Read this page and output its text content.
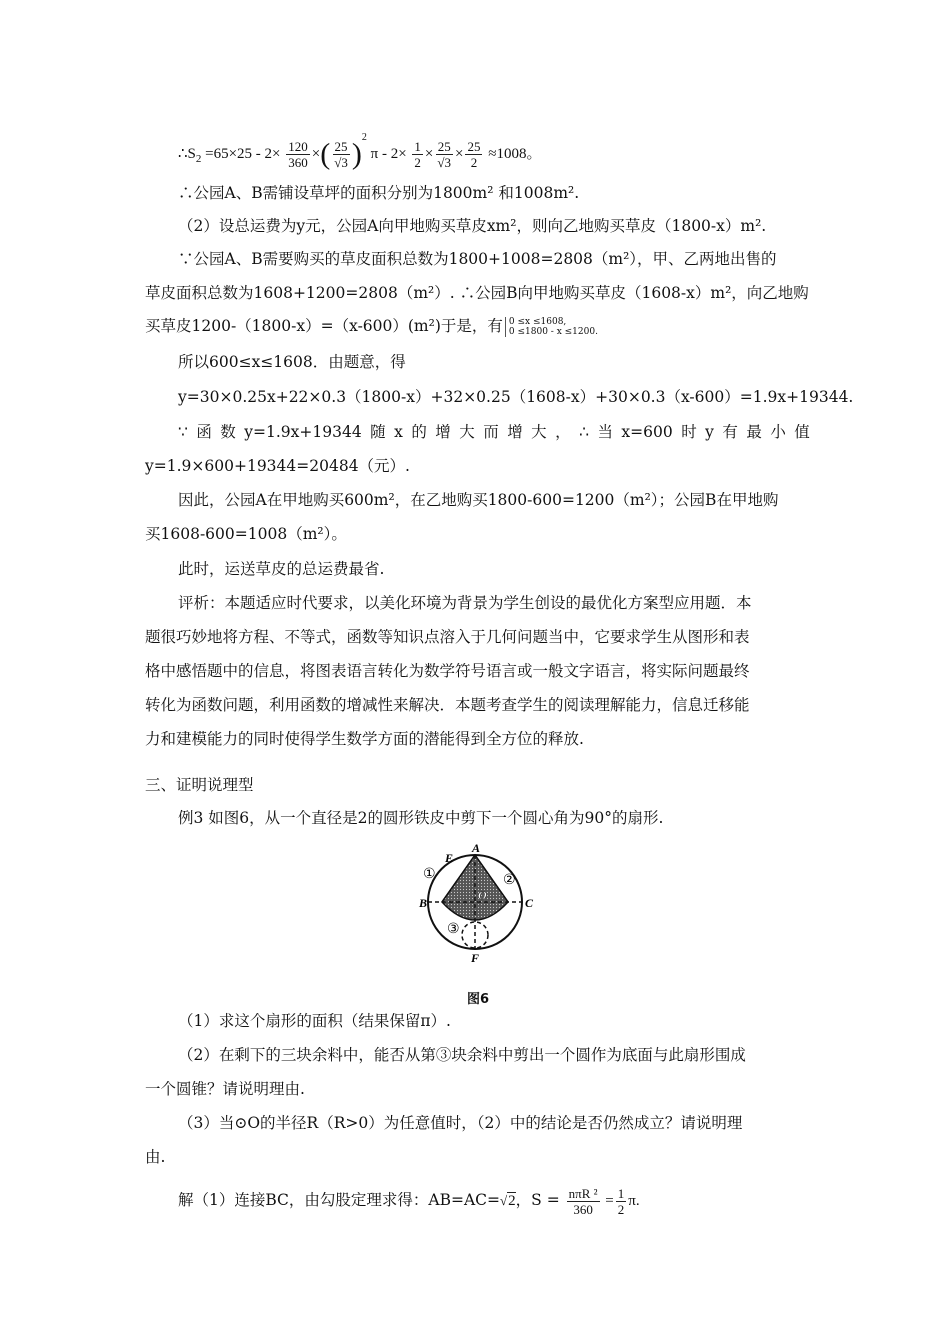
$\therefore S_2 =65\times 25 - 2\times \frac{120}{360}$ ×( $\frac{25}{√3} )^2$ $\pi - 2\times \frac{1}{2} \times \frac{25}{√3} \times \frac{25}{2} \approx 1008$。
∴公园A、B需铺设草坪的面积分别为1800m² 和1008m².
（2）设总运费为y元，公园A向甲地购买草皮xm²，则向乙地购买草皮（1800-x）m².
∵公园A、B需要购买的草皮面积总数为1800+1008=2808（m²），甲、乙两地出售的
草皮面积总数为1608+1200=2808（m²）. ∴公园B向甲地购买草皮（1608-x）m²，向乙地购
买草皮1200-（1800-x）=（x-600）(m²)于是，有 0 ≤x ≤1608,
0 ≤1800 - x ≤1200.
所以600≤x≤1608．由题意，得
y=30×0.25x+22×0.3（1800-x）+32×0.25（1608-x）+30×0.3（x-600）=1.9x+19344.
∵ 函 数 y=1.9x+19344 随 x 的 增 大 而 增 大 ， ∴ 当 x=600 时 y 有 最 小 值
y=1.9×600+19344=20484（元）.
因此，公园A在甲地购买600m²，在乙地购买1800-600=1200（m²）；公园B在甲地购
买1608-600=1008（m²）。
此时，运送草皮的总运费最省.
评析：本题适应时代要求，以美化环境为背景为学生创设的最优化方案型应用题．本
题很巧妙地将方程、不等式，函数等知识点溶入于几何问题当中，它要求学生从图形和表
格中感悟题中的信息，将图表语言转化为数学符号语言或一般文字语言，将实际问题最终
转化为函数问题，利用函数的增减性来解决．本题考查学生的阅读理解能力，信息迁移能
力和建模能力的同时使得学生数学方面的潜能得到全方位的释放.
三、证明说理型
例3 如图6，从一个直径是2的圆形铁皮中剪下一个圆心角为90°的扇形.
A
E
B	C
O
F
①	②
③
图6
（1）求这个扇形的面积（结果保留π）.
（2）在剩下的三块余料中，能否从第③块余料中剪出一个圆作为底面与此扇形围成
一个圆锥？请说明理由.
（3）当⊙O的半径R（R>0）为任意值时，（2）中的结论是否仍然成立？请说明理
由.
解（1）连接BC，由勾股定理求得：AB=AC=√2，$S = \frac{\text{nπR ²}}{360} = \frac{1}{2} \pi$.
